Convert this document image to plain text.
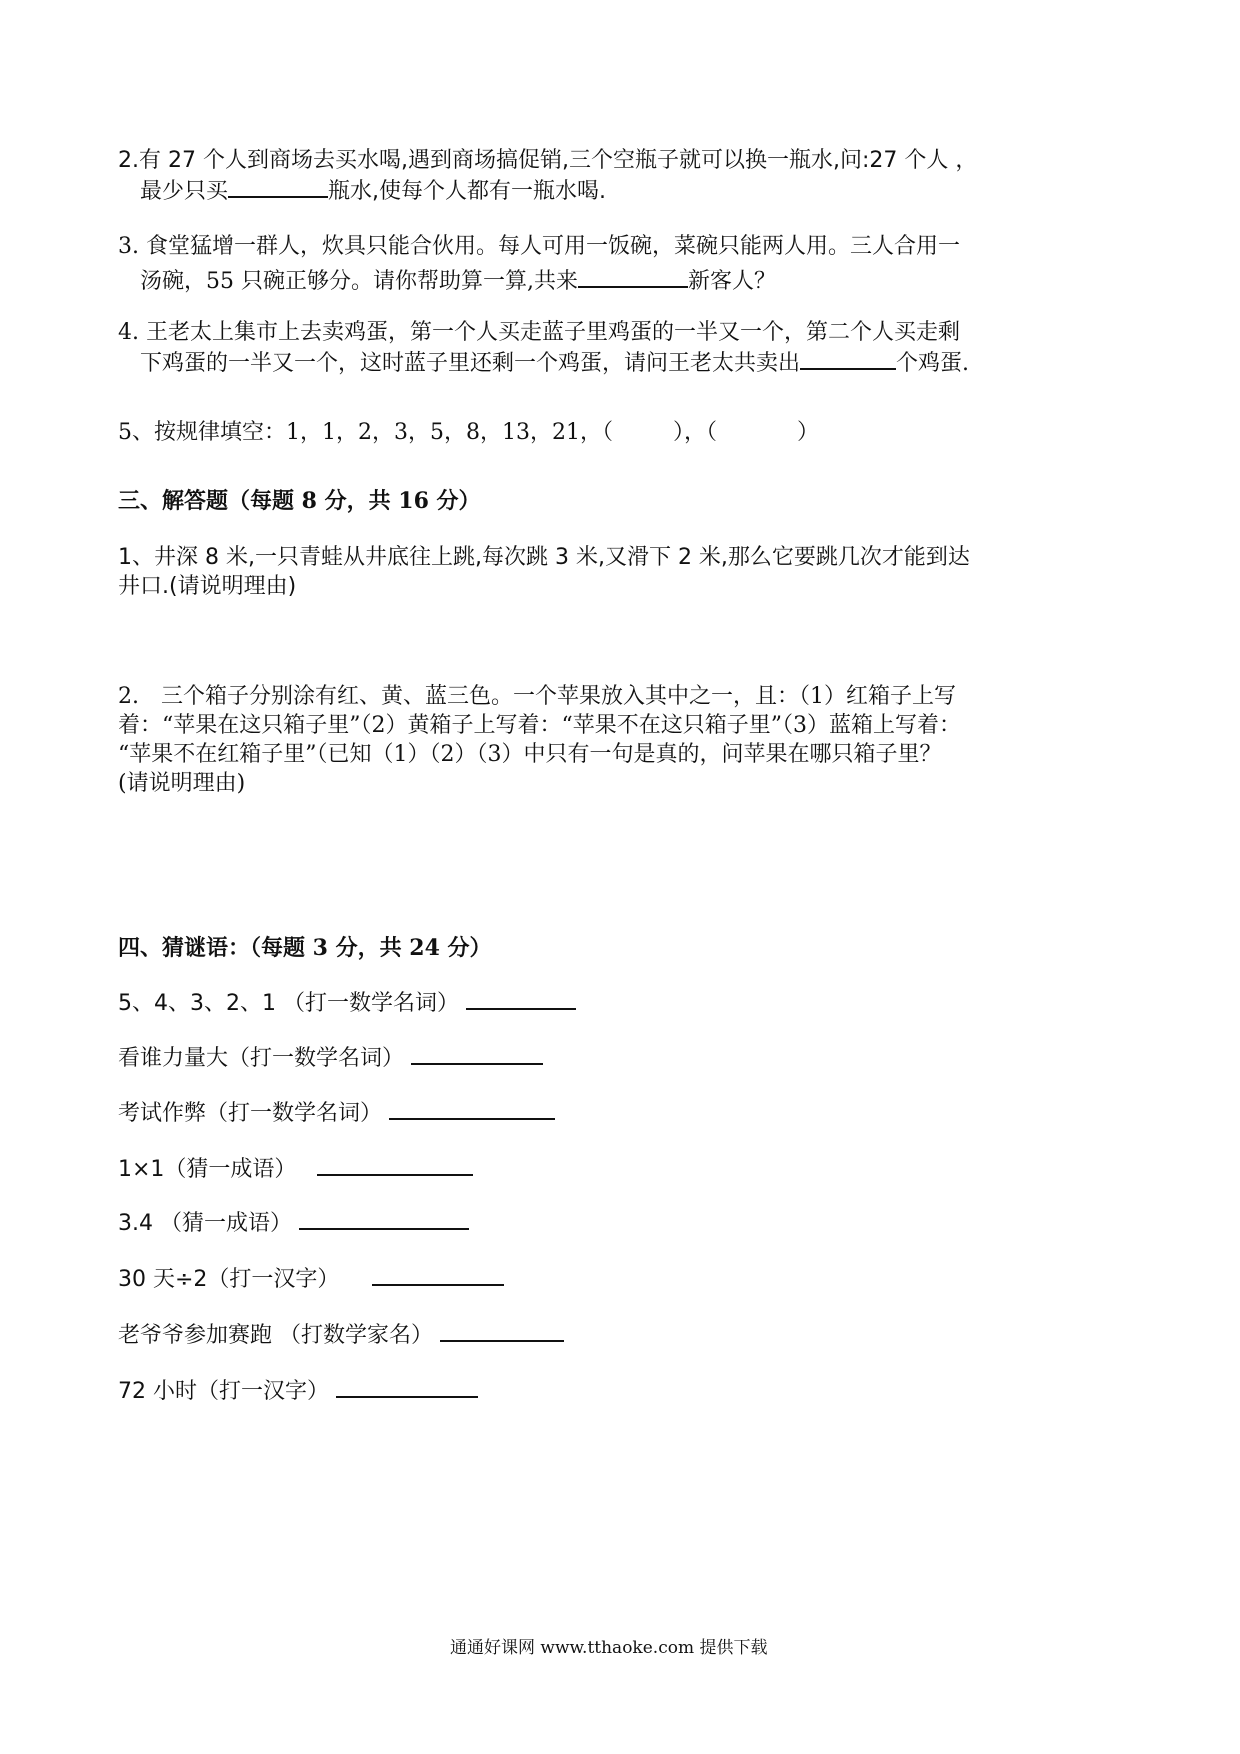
2.有 27 个人到商场去买水喝,遇到商场搞促销,三个空瓶子就可以换一瓶水,问:27 个人 ，
最少只买	瓶水,使每个人都有一瓶水喝.
3. 食堂猛增一群人，炊具只能合伙用。每人可用一饭碗，菜碗只能两人用。三人合用一
汤碗，55 只碗正够分。请你帮助算一算,共来	新客人？
4. 王老太上集市上去卖鸡蛋，第一个人买走蓝子里鸡蛋的一半又一个，第二个人买走剩
下鸡蛋的一半又一个，这时蓝子里还剩一个鸡蛋，请问王老太共卖出	个鸡蛋.
5、按规律填空：1，1，2，3，5，8，13，21，（	），（	）
三、解答题（每题 8 分，共 16 分）
1、井深 8 米,一只青蛙从井底往上跳,每次跳 3 米,又滑下 2 米,那么它要跳几次才能到达
井口.(请说明理由)
2.　三个箱子分别涂有红、黄、蓝三色。一个苹果放入其中之一，且：（1）红箱子上写
着：“苹果在这只箱子里”（2）黄箱子上写着：“苹果不在这只箱子里”（3）蓝箱上写着：
“苹果不在红箱子里”（已知（1）（2）（3）中只有一句是真的，问苹果在哪只箱子里？
(请说明理由)
四、猜谜语：（每题 3 分，共 24 分）
5、4、3、2、1 （打一数学名词）
看谁力量大（打一数学名词）
考试作弊（打一数学名词）
1×1（猜一成语）
3.4 （猜一成语）
30 天÷2（打一汉字）
老爷爷参加赛跑 （打数学家名）
72 小时（打一汉字）
通通好课网 www.tthaoke.com 提供下载
